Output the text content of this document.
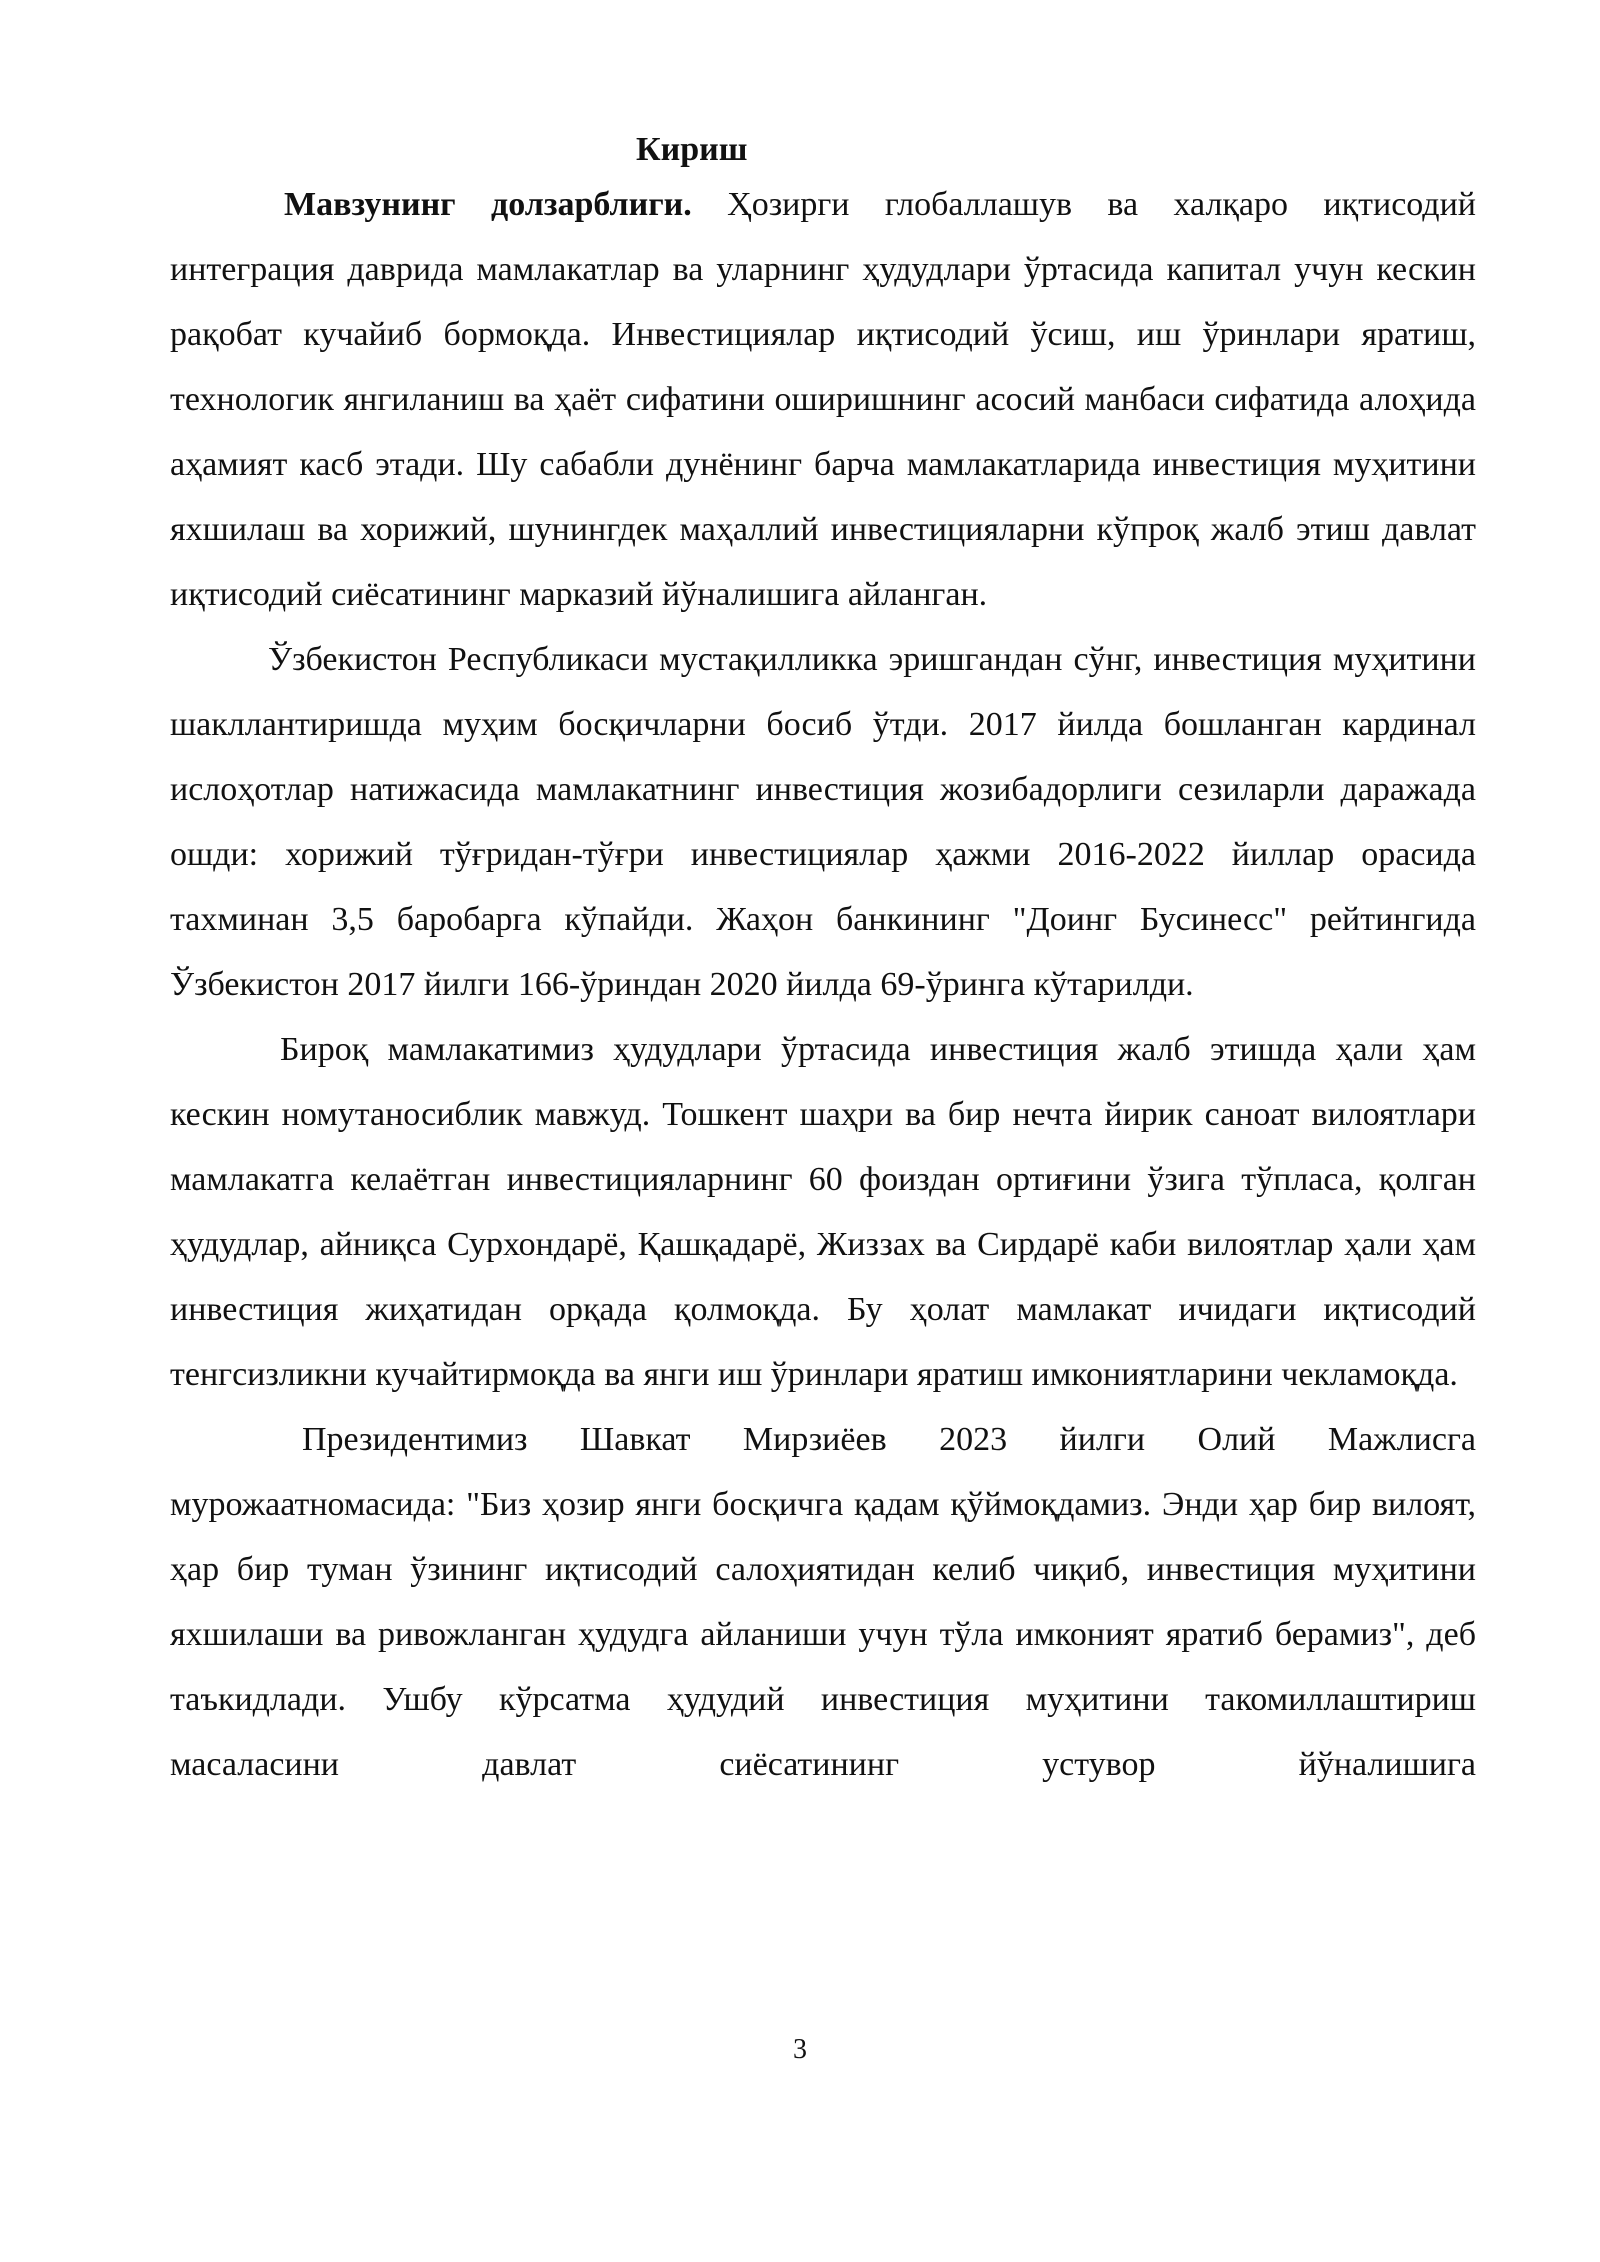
Кириш

Мавзунинг долзарблиги. Ҳозирги глобаллашув ва халқаро иқтисодий интеграция даврида мамлакатлар ва уларнинг ҳудудлари ўртасида капитал учун кескин рақобат кучайиб бормоқда. Инвестициялар иқтисодий ўсиш, иш ўринлари яратиш, технологик янгиланиш ва ҳаёт сифатини оширишнинг асосий манбаси сифатида алоҳида аҳамият касб этади. Шу сабабли дунёнинг барча мамлакатларида инвестиция муҳитини яхшилаш ва хорижий, шунингдек маҳаллий инвестицияларни кўпроқ жалб этиш давлат иқтисодий сиёсатининг марказий йўналишига айланган.

Ўзбекистон Республикаси мустақилликка эришгандан сўнг, инвестиция муҳитини шакллантиришда муҳим босқичларни босиб ўтди. 2017 йилда бошланган кардинал ислоҳотлар натижасида мамлакатнинг инвестиция жозибадорлиги сезиларли даражада ошди: хорижий тўғридан-тўғри инвестициялар ҳажми 2016-2022 йиллар орасида тахминан 3,5 баробарга кўпайди. Жаҳон банкининг "Доинг Бусинесс" рейтингида Ўзбекистон 2017 йилги 166-ўриндан 2020 йилда 69-ўринга кўтарилди.

Бироқ мамлакатимиз ҳудудлари ўртасида инвестиция жалб этишда ҳали ҳам кескин номутаносиблик мавжуд. Тошкент шаҳри ва бир нечта йирик саноат вилоятлари мамлакатга келаётган инвестицияларнинг 60 фоиздан ортиғини ўзига тўпласа, қолган ҳудудлар, айниқса Сурхондарё, Қашқадарё, Жиззах ва Сирдарё каби вилоятлар ҳали ҳам инвестиция жиҳатидан орқада қолмоқда. Бу ҳолат мамлакат ичидаги иқтисодий тенгсизликни кучайтирмоқда ва янги иш ўринлари яратиш имкониятларини чекламоқда.

Президентимиз Шавкат Мирзиёев 2023 йилги Олий Мажлисга мурожаатномасида: "Биз ҳозир янги босқичга қадам қўймоқдамиз. Энди ҳар бир вилоят, ҳар бир туман ўзининг иқтисодий салоҳиятидан келиб чиқиб, инвестиция муҳитини яхшилаши ва ривожланган ҳудудга айланиши учун тўла имконият яратиб берамиз", деб таъкидлади. Ушбу кўрсатма ҳудудий инвестиция муҳитини такомиллаштириш масаласини давлат сиёсатининг устувор йўналишига

3
